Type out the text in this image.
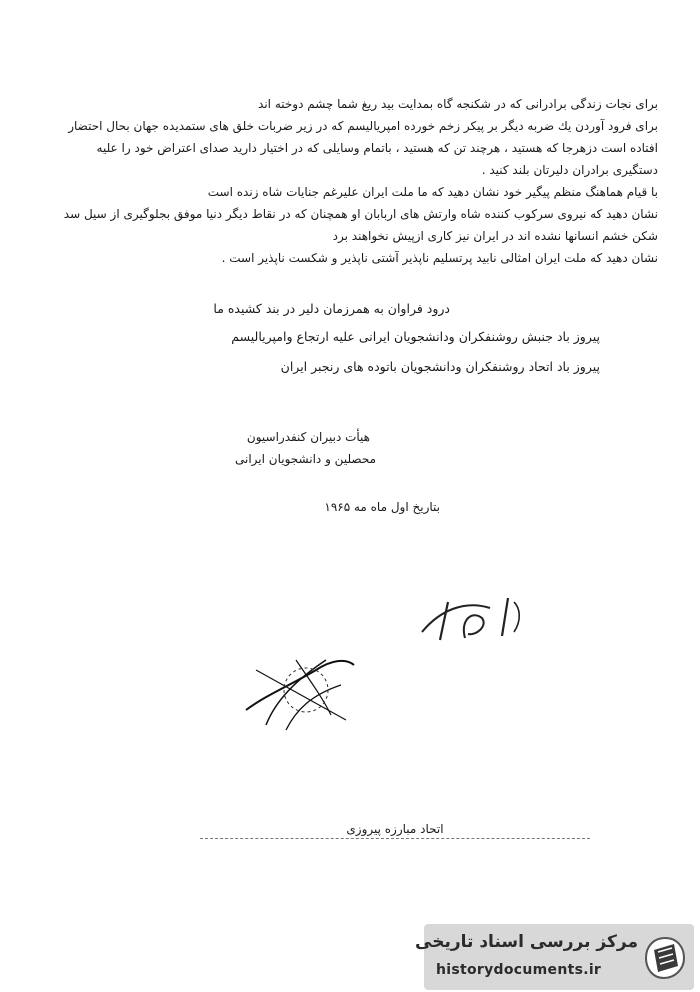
برای نجات زندگی برادرانی که در شکنجه گاه بمدایت بید ریغ شما چشم دوخته اند
برای فرود آوردن یك ضربه دیگر بر پیکر زخم خورده امپریالیسم که در زیر ضربات خلق های ستمدیده جهان بحال احتضار
افتاده است دزهرجا که هستید ، هرچند تن که هستید ، باتمام وسایلی که در اختیار دارید صدای اعتراض خود را علیه
دستگیری برادران دلیرتان بلند کنید .
با قیام هماهنگ منظم پیگیر خود نشان دهید که ما ملت ایران علیرغم جنایات شاه زنده است
نشان دهید که نیروی سرکوب کننده شاه وارتش های اربابان او همچنان که در نقاط دیگر دنیا موفق بجلوگیری از سیل سد
شکن خشم انسانها نشده اند در ایران نیز کاری ازپیش نخواهند برد
نشان دهید که ملت ایران امثالی نابید پرتسلیم ناپذیر آشتی ناپذیر و شکست ناپذیر است .
درود فراوان به همرزمان دلیر در بند کشیده ما
پیروز باد جنبش روشنفکران ودانشجویان ایرانی علیه ارتجاع وامپریالیسم
پیروز باد اتحاد روشنفکران ودانشجویان باتوده های رنجبر ایران
هیأت دبیران کنفدراسیون
محصلین و دانشجویان ایرانی
بتاریخ اول ماه مه ۱۹۶۵
اتحاد مبارزه پیروزی
مرکز بررسی اسناد تاریخی
historydocuments.ir
